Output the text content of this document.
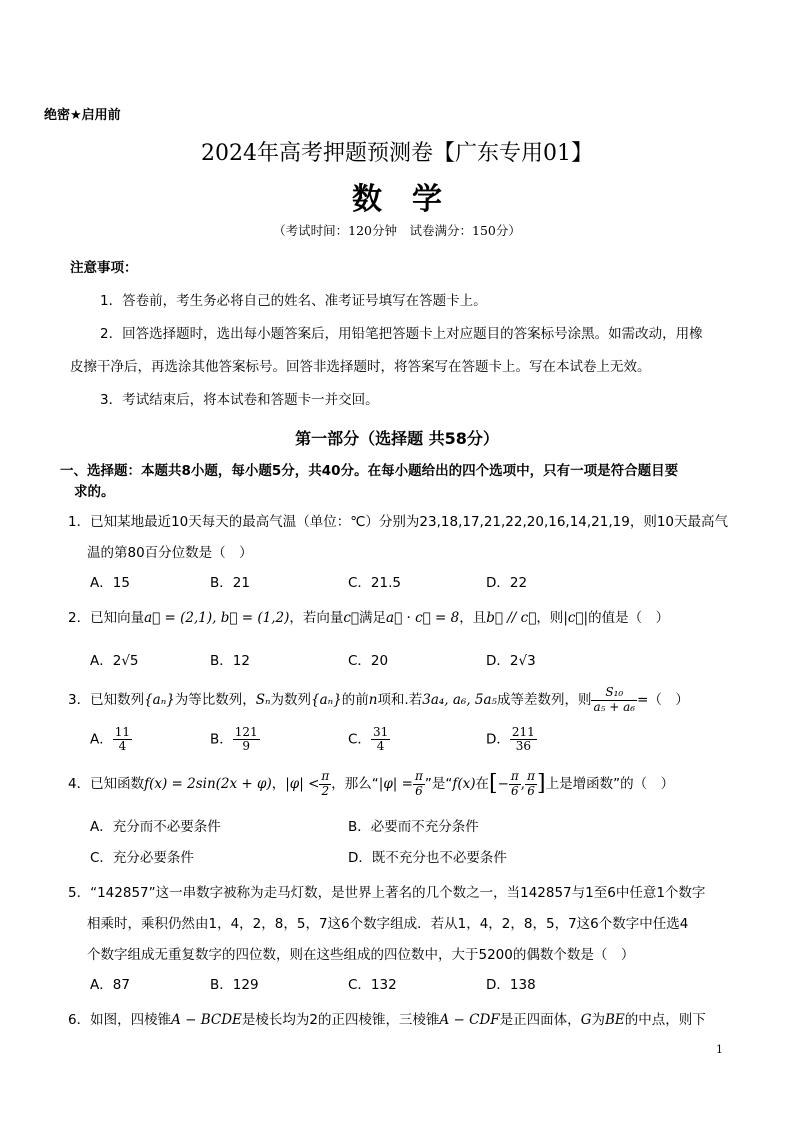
绝密★启用前
2024年高考押题预测卷【广东专用01】
数　学
（考试时间：120分钟　试卷满分：150分）
注意事项：
1．答卷前，考生务必将自己的姓名、准考证号填写在答题卡上。
2．回答选择题时，选出每小题答案后，用铅笔把答题卡上对应题目的答案标号涂黑。如需改动，用橡
皮擦干净后，再选涂其他答案标号。回答非选择题时，将答案写在答题卡上。写在本试卷上无效。
3．考试结束后，将本试卷和答题卡一并交回。
第一部分（选择题 共58分）
一、选择题：本题共8小题，每小题5分，共40分。在每小题给出的四个选项中，只有一项是符合题目要
求的。
1．已知某地最近10天每天的最高气温（单位：℃）分别为23,18,17,21,22,20,16,14,21,19，则10天最高气
温的第80百分位数是（　）
A．15	B．21	C．21.5	D．22
2．已知向量a⃗ = (2,1), b⃗ = (1,2)，若向量c⃗满足a⃗ · c⃗ = 8，且b⃗ // c⃗，则|c⃗|的值是（　）
A．2√5	B．12	C．20	D．2√3
3．已知数列{aₙ}为等比数列，Sₙ为数列{aₙ}的前n项和.若3a₄, a₆, 5a₅成等差数列，则 $\frac{\text{S₁₀}}{\text{a₅ + a₆}}$ =（　）
A． $\frac{11}{4}$	B． $\frac{121}{9}$	C． $\frac{31}{4}$	D． $\frac{211}{36}$
4．已知函数f(x) = 2sin(2x + φ)，$|\varphi| < \frac{\pi}{2}$ ，那么“$|\varphi| = \frac{\pi}{6}$ ”是“f(x)在[− $\frac{\pi}{6}$ , $\frac{\pi}{6}$ ]上是增函数”的（　）
A．充分而不必要条件	B．必要而不充分条件
C．充分必要条件	D．既不充分也不必要条件
5．“142857”这一串数字被称为走马灯数，是世界上著名的几个数之一，当142857与1至6中任意1个数字
相乘时，乘积仍然由1，4，2，8，5，7这6个数字组成．若从1，4，2，8，5，7这6个数字中任选4
个数字组成无重复数字的四位数，则在这些组成的四位数中，大于5200的偶数个数是（　）
A．87	B．129	C．132	D．138
6．如图，四棱锥A − BCDE是棱长均为2的正四棱锥，三棱锥A − CDF是正四面体，G为BE的中点，则下
1
